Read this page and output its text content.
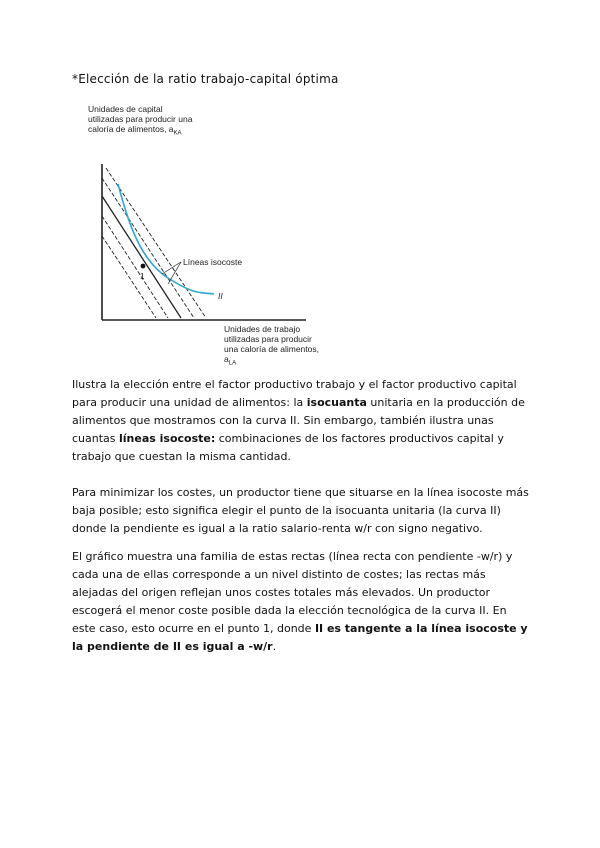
*Elección de la ratio trabajo-capital óptima
1
Líneas isocoste
II
Unidades de capital utilizadas para producir una caloría de alimentos, $a_{KA}$
Unidades de trabajo utilizadas para producir una caloría de alimentos, $a_{LA}$
Ilustra la elección entre el factor productivo trabajo y el factor productivo capital para producir una unidad de alimentos: la isocuanta unitaria en la producción de alimentos que mostramos con la curva II. Sin embargo, también ilustra unas cuantas líneas isocoste: combinaciones de los factores productivos capital y trabajo que cuestan la misma cantidad.
Para minimizar los costes, un productor tiene que situarse en la línea isocoste más baja posible; esto significa elegir el punto de la isocuanta unitaria (la curva II) donde la pendiente es igual a la ratio salario-renta w/r con signo negativo.
El gráfico muestra una familia de estas rectas (línea recta con pendiente -w/r) y cada una de ellas corresponde a un nivel distinto de costes; las rectas más alejadas del origen reflejan unos costes totales más elevados. Un productor escogerá el menor coste posible dada la elección tecnológica de la curva II. En este caso, esto ocurre en el punto 1, donde II es tangente a la línea isocoste y la pendiente de II es igual a -w/r.
